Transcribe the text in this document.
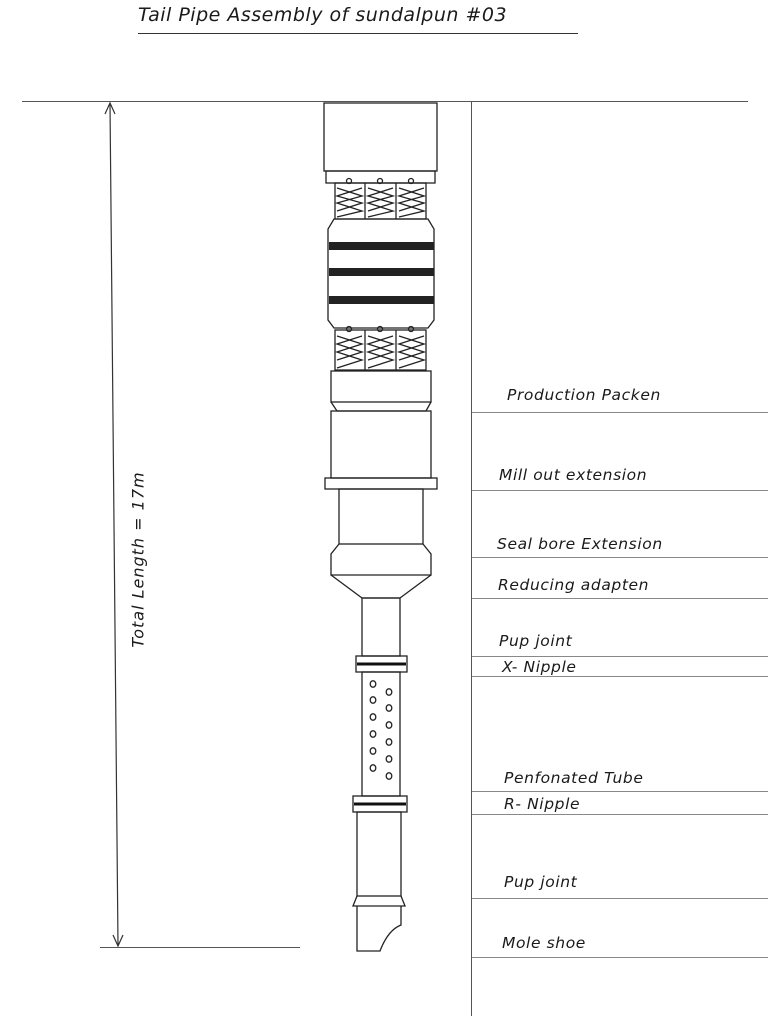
Tail Pipe Assembly of sundalpun #03
Total Length = 17m
Production Packen
Mill out extension
Seal bore Extension
Reducing adapten
Pup joint
X- Nipple
Penfonated Tube
R- Nipple
Pup joint
Mole shoe
